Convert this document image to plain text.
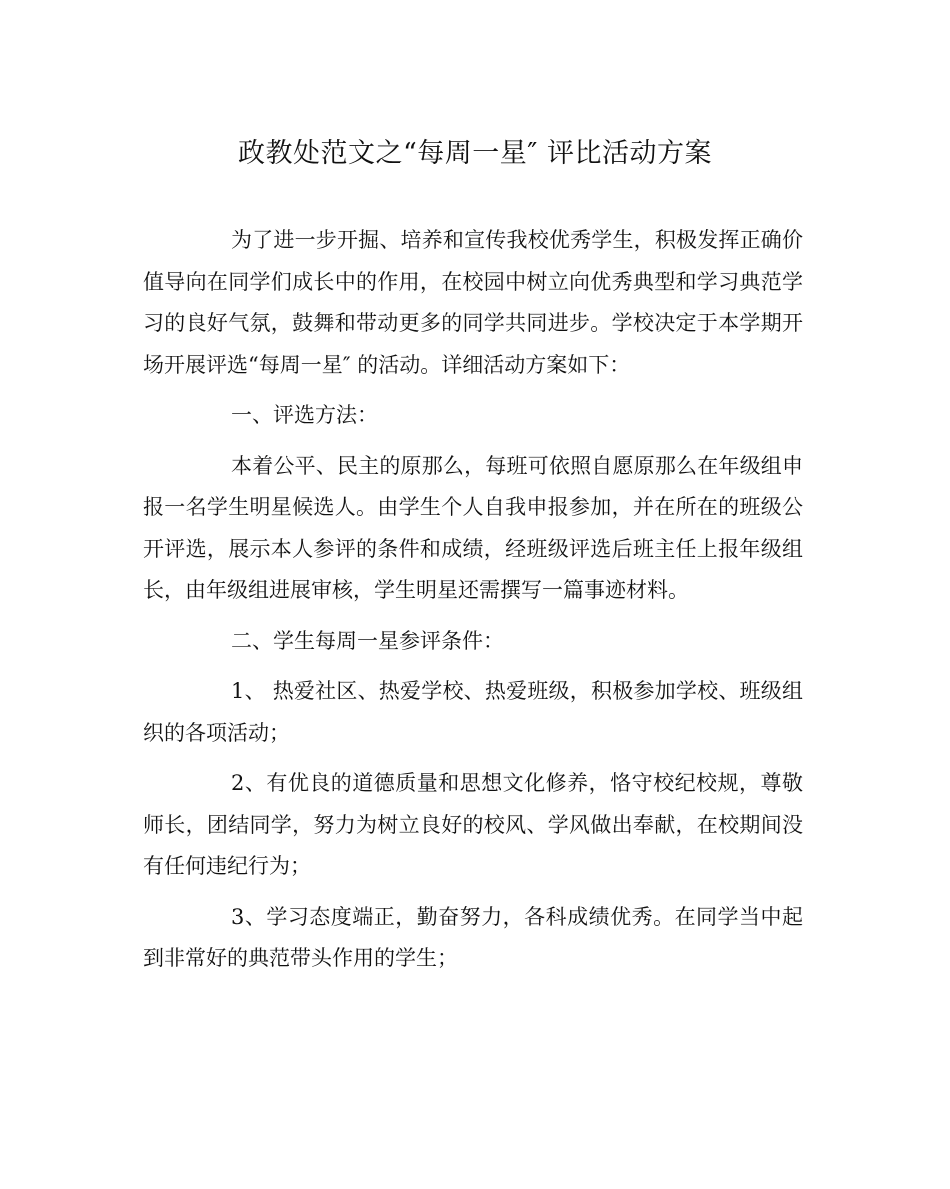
政教处范文之“每周一星″ 评比活动方案

为了进一步开掘、培养和宣传我校优秀学生，积极发挥正确价值导向在同学们成长中的作用，在校园中树立向优秀典型和学习典范学习的良好气氛，鼓舞和带动更多的同学共同进步。学校决定于本学期开场开展评选“每周一星″ 的活动。详细活动方案如下：

一、评选方法：

本着公平、民主的原那么，每班可依照自愿原那么在年级组申报一名学生明星候选人。由学生个人自我申报参加，并在所在的班级公开评选，展示本人参评的条件和成绩，经班级评选后班主任上报年级组长，由年级组进展审核，学生明星还需撰写一篇事迹材料。

二、学生每周一星参评条件：

1、 热爱社区、热爱学校、热爱班级，积极参加学校、班级组织的各项活动；

2、有优良的道德质量和思想文化修养，恪守校纪校规，尊敬师长，团结同学，努力为树立良好的校风、学风做出奉献，在校期间没有任何违纪行为；

3、学习态度端正，勤奋努力，各科成绩优秀。在同学当中起到非常好的典范带头作用的学生；
